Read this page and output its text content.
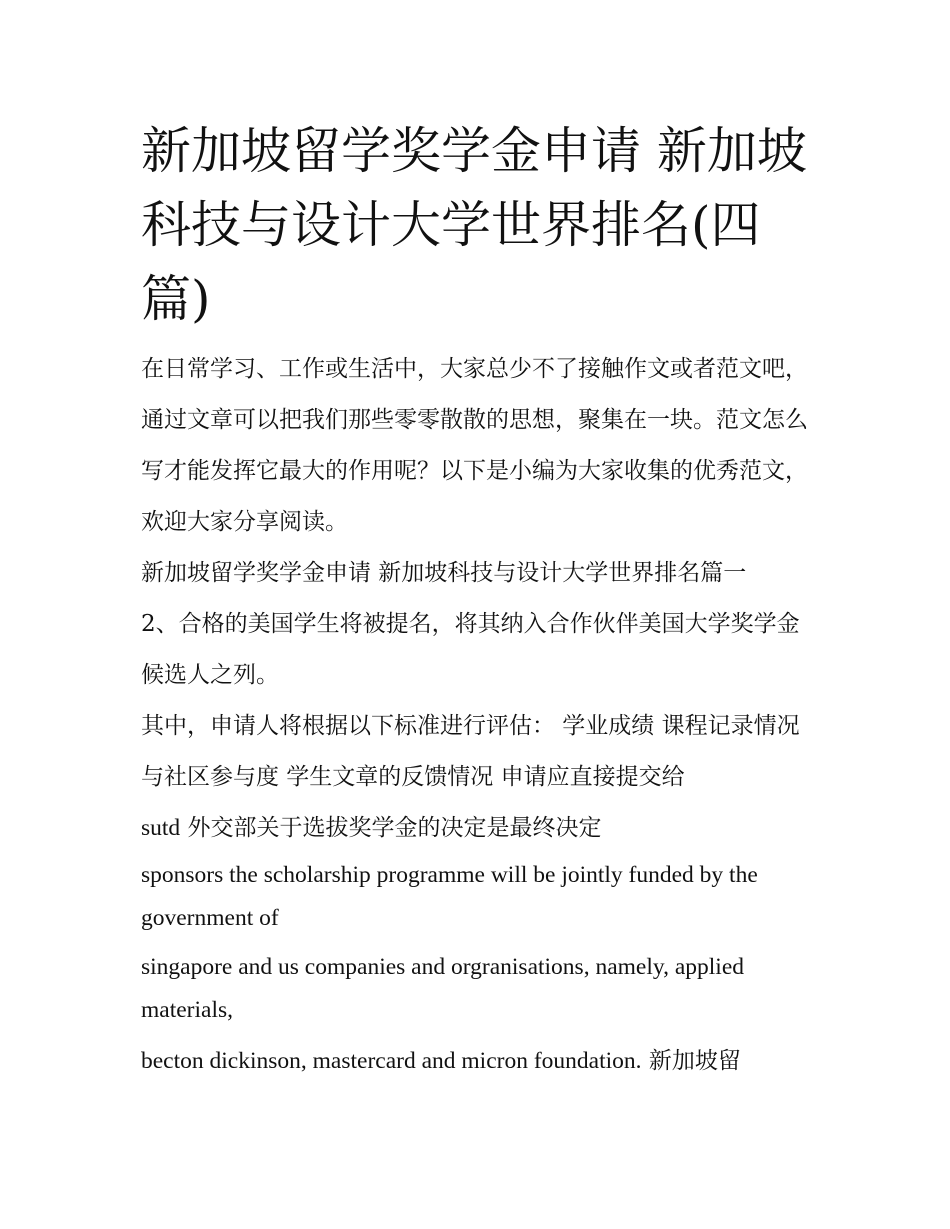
新加坡留学奖学金申请 新加坡科技与设计大学世界排名(四篇)

在日常学习、工作或生活中，大家总少不了接触作文或者范文吧，通过文章可以把我们那些零零散散的思想，聚集在一块。范文怎么写才能发挥它最大的作用呢？以下是小编为大家收集的优秀范文，欢迎大家分享阅读。

新加坡留学奖学金申请 新加坡科技与设计大学世界排名篇一

2、合格的美国学生将被提名，将其纳入合作伙伴美国大学奖学金候选人之列。

其中，申请人将根据以下标准进行评估： 学业成绩 课程记录情况与社区参与度 学生文章的反馈情况 申请应直接提交给

sutd 外交部关于选拔奖学金的决定是最终决定

sponsors the scholarship programme will be jointly funded by the government of

singapore and us companies and orgranisations, namely, applied materials,

becton dickinson, mastercard and micron foundation. 新加坡留
